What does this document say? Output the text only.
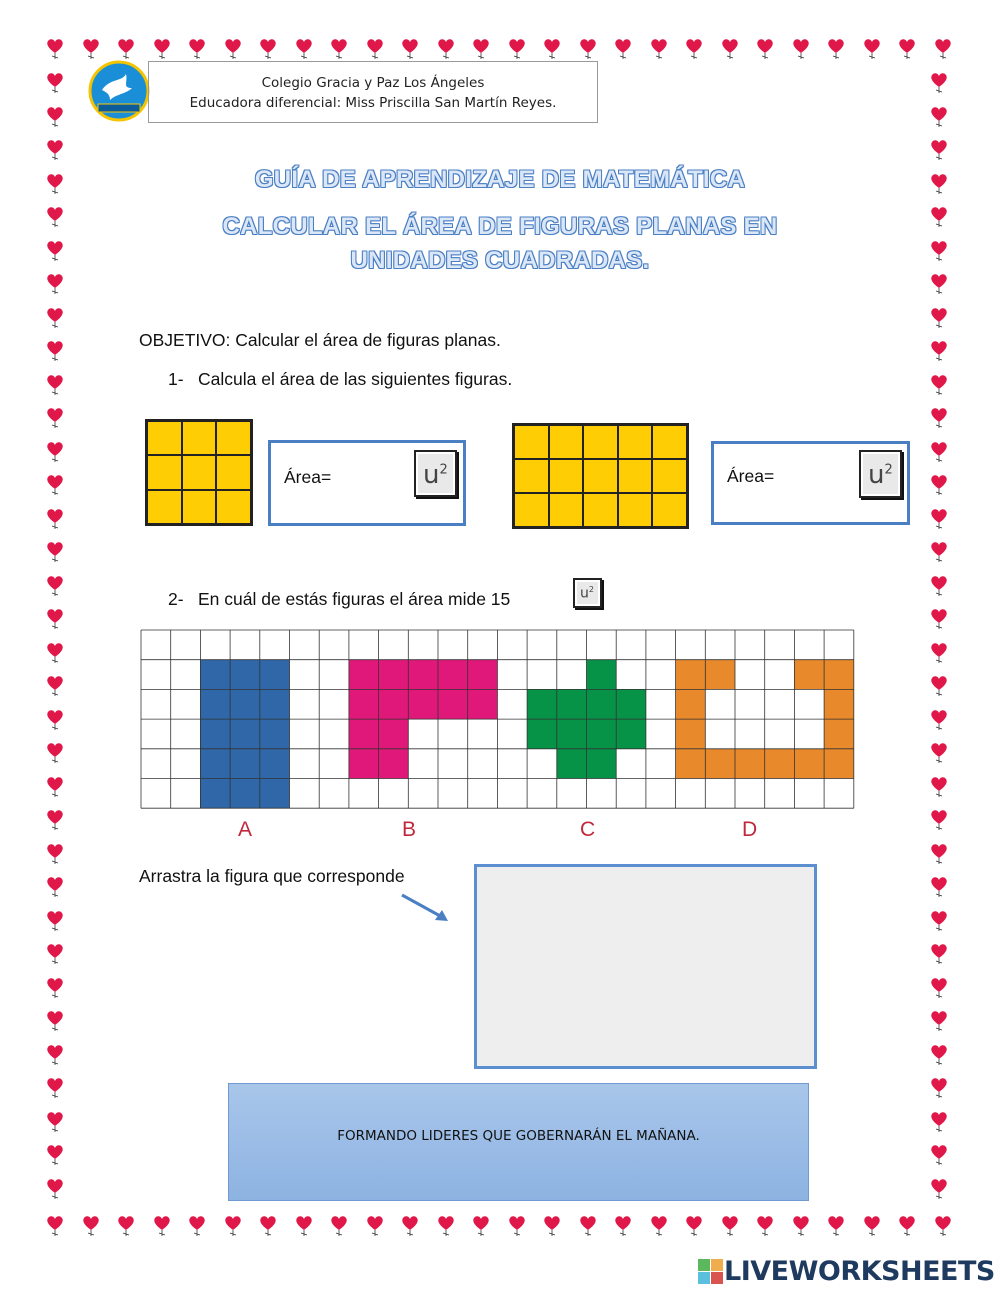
Colegio Gracia y Paz Los Ángeles
Educadora diferencial: Miss Priscilla San Martín Reyes.
GUÍA DE APRENDIZAJE DE MATEMÁTICA
CALCULAR EL ÁREA DE FIGURAS PLANAS EN
UNIDADES CUADRADAS.
OBJETIVO: Calcular el área de figuras planas.
1- Calcula el área de las siguientes figuras.
Área=	$u^2$	Área=	$u^2$
2- En cuál de estás figuras el área mide 15	$u^2$
A	B	C	D
Arrastra la figura que corresponde
FORMANDO LIDERES QUE GOBERNARÁN EL MAÑANA.
LIVEWORKSHEETS
